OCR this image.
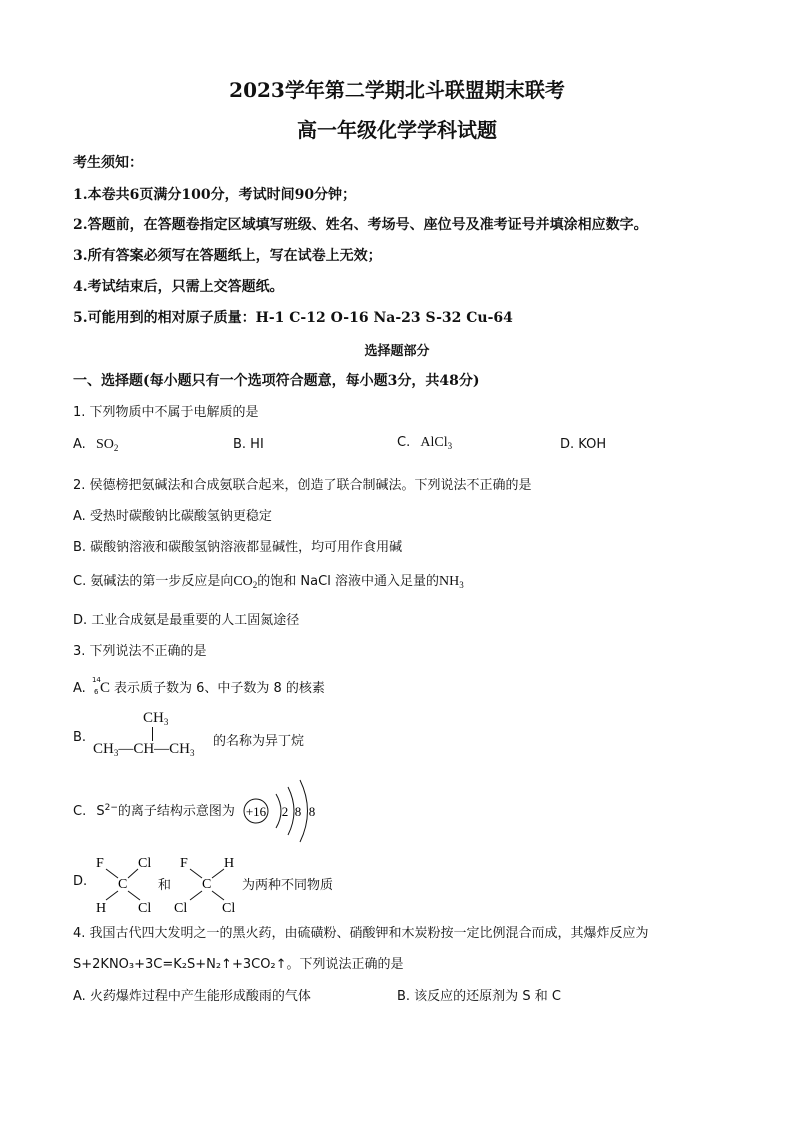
2023学年第二学期北斗联盟期末联考
高一年级化学学科试题
考生须知：
1.本卷共6页满分100分，考试时间90分钟；
2.答题前，在答题卷指定区域填写班级、姓名、考场号、座位号及准考证号并填涂相应数字。
3.所有答案必须写在答题纸上，写在试卷上无效；
4.考试结束后，只需上交答题纸。
5.可能用到的相对原子质量：H-1 C-12 O-16 Na-23 S-32 Cu-64
选择题部分
一、选择题(每小题只有一个选项符合题意，每小题3分，共48分)
1. 下列物质中不属于电解质的是
A. $SO_2$	B. HI	C. AlCl$_3$	D. KOH
2. 侯德榜把氨碱法和合成氨联合起来，创造了联合制碱法。下列说法不正确的是
A. 受热时碳酸钠比碳酸氢钠更稳定
B. 碳酸钠溶液和碳酸氢钠溶液都显碱性，均可用作食用碱
C. 氨碱法的第一步反应是向$CO_2$的饱和 NaCl 溶液中通入足量的$NH_3$
D. 工业合成氨是最重要的人工固氮途径
3. 下列说法不正确的是
A.
14
6 C 表示质子数为 6、中子数为 8 的核素
B.
$CH_3$
$CH_3—CH—CH_3$
的名称为异丁烷
C. $S^{2-}$的离子结构示意图为 +16 2 8 8
D.
F Cl
C
H Cl
F	H
C
Cl Cl
和	为两种不同物质
4. 我国古代四大发明之一的黑火药，由硫磺粉、硝酸钾和木炭粉按一定比例混合而成，其爆炸反应为
S+2KNO₃+3C=K₂S+N₂↑+3CO₂↑。下列说法正确的是
A. 火药爆炸过程中产生能形成酸雨的气体	B. 该反应的还原剂为 S 和 C
